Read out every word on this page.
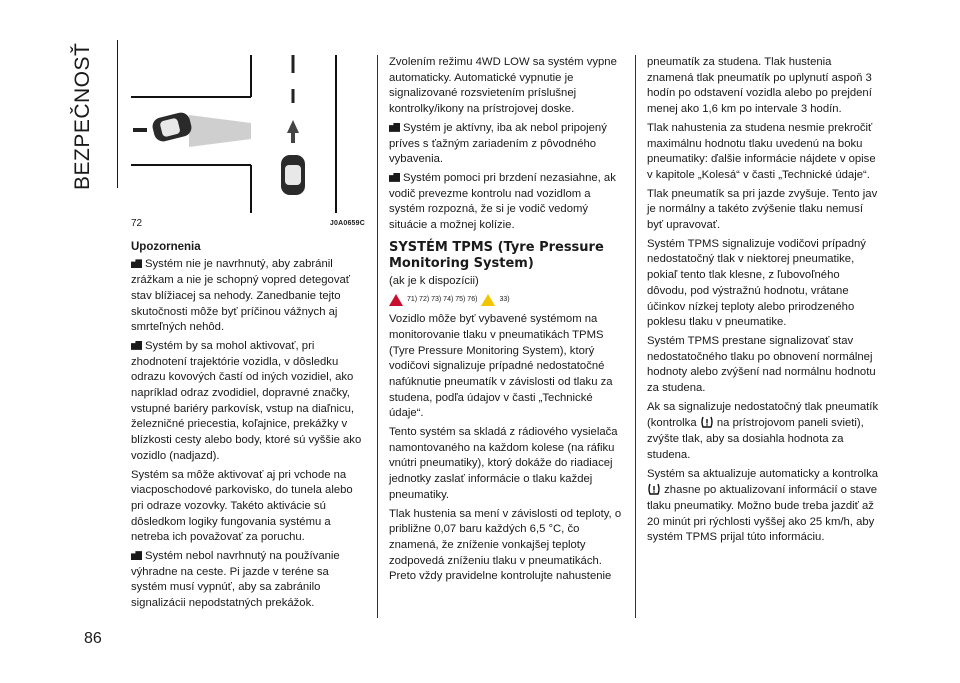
BEZPEČNOSŤ
86
72	J0A0659C
Upozornenia

Systém nie je navrhnutý, aby zabránil zrážkam a nie je schopný vopred detegovať stav blížiacej sa nehody. Zanedbanie tejto skutočnosti môže byť príčinou vážnych aj smrteľných nehôd.

Systém by sa mohol aktivovať, pri zhodnotení trajektórie vozidla, v dôsledku odrazu kovových častí od iných vozidiel, ako napríklad odraz zvodidiel, dopravné značky, vstupné bariéry parkovísk, vstup na diaľnicu, železničné priecestia, koľajnice, prekážky v blízkosti cesty alebo body, ktoré sú vyššie ako vozidlo (nadjazd).

Systém sa môže aktivovať aj pri vchode na viacposchodové parkovisko, do tunela alebo pri odraze vozovky. Takéto aktivácie sú dôsledkom logiky fungovania systému a netreba ich považovať za poruchu.

Systém nebol navrhnutý na používanie výhradne na ceste. Pi jazde v teréne sa systém musí vypnúť, aby sa zabránilo signalizácii nepodstatných prekážok.

Zvolením režimu 4WD LOW sa systém vypne automaticky. Automatické vypnutie je signalizované rozsvietením príslušnej kontrolky/ikony na prístrojovej doske.

Systém je aktívny, iba ak nebol pripojený príves s ťažným zariadením z pôvodného vybavenia.

Systém pomoci pri brzdení nezasiahne, ak vodič prevezme kontrolu nad vozidlom a systém rozpozná, že si je vodič vedomý situácie a možnej kolízie.

SYSTÉM TPMS (Tyre Pressure Monitoring System)
(ak je k dispozícii)
71) 72) 73) 74) 75) 76)	33)

Vozidlo môže byť vybavené systémom na monitorovanie tlaku v pneumatikách TPMS (Tyre Pressure Monitoring System), ktorý vodičovi signalizuje prípadné nedostatočné nafúknutie pneumatík v závislosti od tlaku za studena, podľa údajov v časti „Technické údaje“.

Tento systém sa skladá z rádiového vysielača namontovaného na každom kolese (na ráfiku vnútri pneumatiky), ktorý dokáže do riadiacej jednotky zaslať informácie o tlaku každej pneumatiky.

Tlak hustenia sa mení v závislosti od teploty, o približne 0,07 baru každých 6,5 °C, čo znamená, že zníženie vonkajšej teploty zodpovedá zníženiu tlaku v pneumatikách. Preto vždy pravidelne kontrolujte nahustenie

pneumatík za studena. Tlak hustenia znamená tlak pneumatík po uplynutí aspoň 3 hodín po odstavení vozidla alebo po prejdení menej ako 1,6 km po intervale 3 hodín.

Tlak nahustenia za studena nesmie prekročiť maximálnu hodnotu tlaku uvedenú na boku pneumatiky: ďalšie informácie nájdete v opise v kapitole „Kolesá“ v časti „Technické údaje“.

Tlak pneumatík sa pri jazde zvyšuje. Tento jav je normálny a takéto zvýšenie tlaku nemusí byť upravovať.

Systém TPMS signalizuje vodičovi prípadný nedostatočný tlak v niektorej pneumatike, pokiaľ tento tlak klesne, z ľubovoľného dôvodu, pod výstražnú hodnotu, vrátane účinkov nízkej teploty alebo prirodzeného poklesu tlaku v pneumatike.

Systém TPMS prestane signalizovať stav nedostatočného tlaku po obnovení normálnej hodnoty alebo zvýšení nad normálnu hodnotu za studena.

Ak sa signalizuje nedostatočný tlak pneumatík (kontrolka na prístrojovom paneli svieti), zvýšte tlak, aby sa dosiahla hodnota za studena.

Systém sa aktualizuje automaticky a kontrolka  zhasne po aktualizovaní informácií o stave tlaku pneumatiky. Možno bude treba jazdiť až 20 minút pri rýchlosti vyššej ako 25 km/h, aby systém TPMS prijal túto informáciu.
